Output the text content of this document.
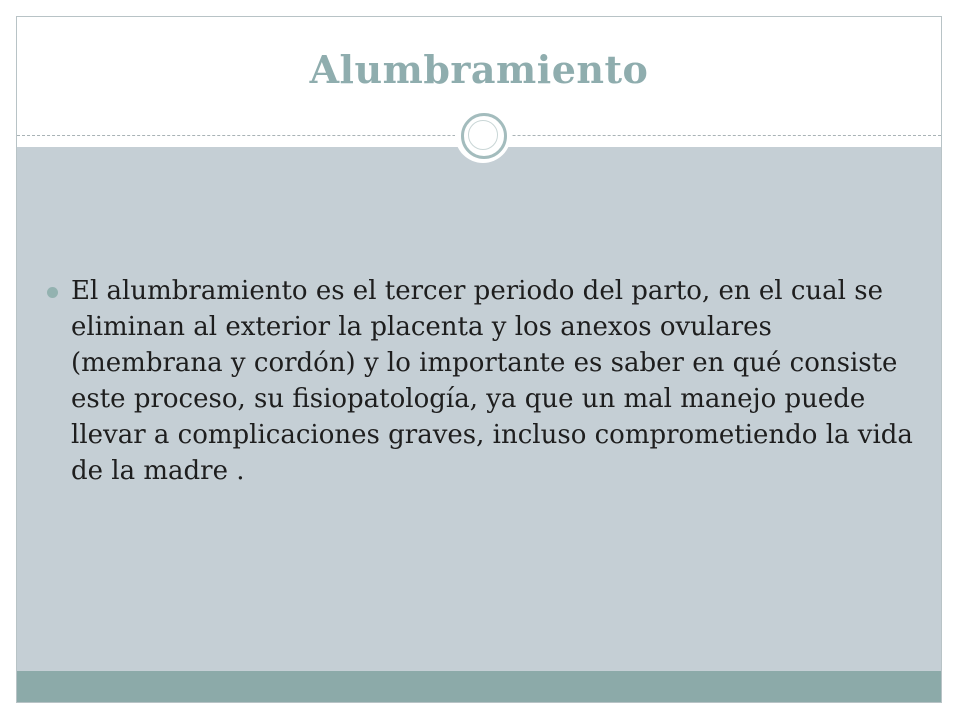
Alumbramiento
El alumbramiento es el tercer periodo del parto, en el cual se eliminan al exterior la placenta y los anexos ovulares (membrana y cordón) y lo importante es saber en qué consiste este proceso, su fisiopatología, ya que un mal manejo puede llevar a complicaciones graves, incluso comprometiendo la vida de la madre .
